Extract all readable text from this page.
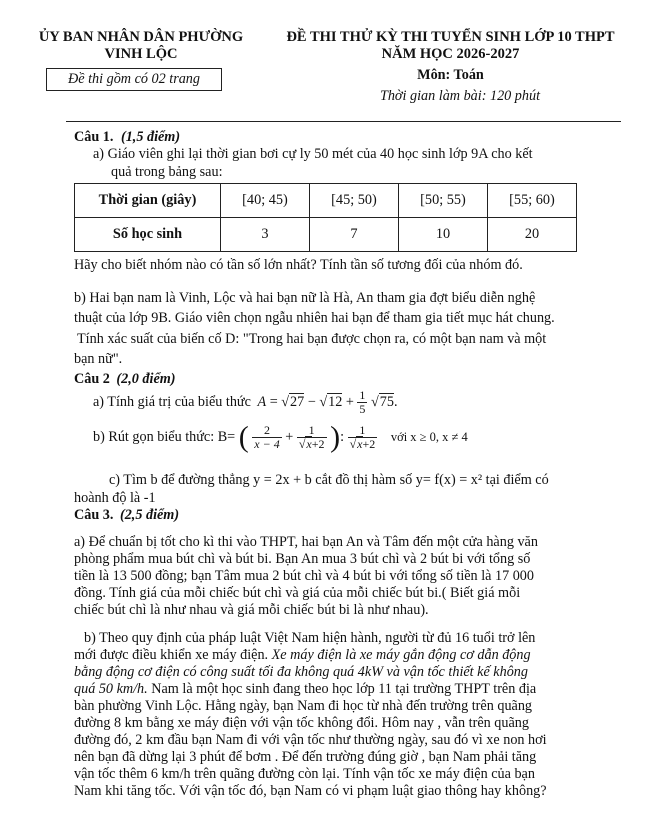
ỦY BAN NHÂN DÂN PHƯỜNG
VINH LỘC
Đề thi gồm có 02 trang
ĐỀ THI THỬ KỲ THI TUYỂN SINH LỚP 10 THPT
NĂM HỌC 2026-2027
Môn: Toán
Thời gian làm bài: 120 phút
Câu 1. (1,5 điểm)
a) Giáo viên ghi lại thời gian bơi cự ly 50 mét của 40 học sinh lớp 9A cho kết
quả trong bảng sau:
Thời gian (giây)	[40; 45)	[45; 50)	[50; 55)	[55; 60)
Số học sinh	3	7	10	20
Hãy cho biết nhóm nào có tần số lớn nhất? Tính tần số tương đối của nhóm đó.
b) Hai bạn nam là Vinh, Lộc và hai bạn nữ là Hà, An tham gia đợt biểu diễn nghệ
thuật của lớp 9B. Giáo viên chọn ngẫu nhiên hai bạn để tham gia tiết mục hát chung.
Tính xác suất của biến cố D: "Trong hai bạn được chọn ra, có một bạn nam và một
bạn nữ".
Câu 2 (2,0 điểm)
a) Tính giá trị của biểu thức $A = √27 - √12 + \frac{1}{5} √75$.
b) Rút gọn biểu thức: B= ( $\frac{2}{x - 4} + \frac{1}{√x+2}$ ): $\frac{1}{√x+2}$ với x ≥ 0, x ≠ 4
c) Tìm b để đường thẳng y = 2x + b cắt đồ thị hàm số y= f(x) = x² tại điểm có
hoành độ là -1
Câu 3. (2,5 điểm)
a) Để chuẩn bị tốt cho kì thi vào THPT, hai bạn An và Tâm đến một cửa hàng văn
phòng phẩm mua bút chì và bút bi. Bạn An mua 3 bút chì và 2 bút bi với tổng số
tiền là 13 500 đồng; bạn Tâm mua 2 bút chì và 4 bút bi với tổng số tiền là 17 000
đồng. Tính giá của mỗi chiếc bút chì và giá của mỗi chiếc bút bi.( Biết giá mỗi
chiếc bút chì là như nhau và giá mỗi chiếc bút bi là như nhau).
b) Theo quy định của pháp luật Việt Nam hiện hành, người từ đủ 16 tuổi trở lên
mới được điều khiển xe máy điện. Xe máy điện là xe máy gắn động cơ dẫn động
bằng động cơ điện có công suất tối đa không quá 4kW và vận tốc thiết kế không
quá 50 km/h. Nam là một học sinh đang theo học lớp 11 tại trường THPT trên địa
bàn phường Vinh Lộc. Hằng ngày, bạn Nam đi học từ nhà đến trường trên quãng
đường 8 km bằng xe máy điện với vận tốc không đổi. Hôm nay , vẫn trên quãng
đường đó, 2 km đầu bạn Nam đi với vận tốc như thường ngày, sau đó vì xe non hơi
nên bạn đã dừng lại 3 phút để bơm . Để đến trường đúng giờ , bạn Nam phải tăng
vận tốc thêm 6 km/h trên quãng đường còn lại. Tính vận tốc xe máy điện của bạn
Nam khi tăng tốc. Với vận tốc đó, bạn Nam có vi phạm luật giao thông hay không?
